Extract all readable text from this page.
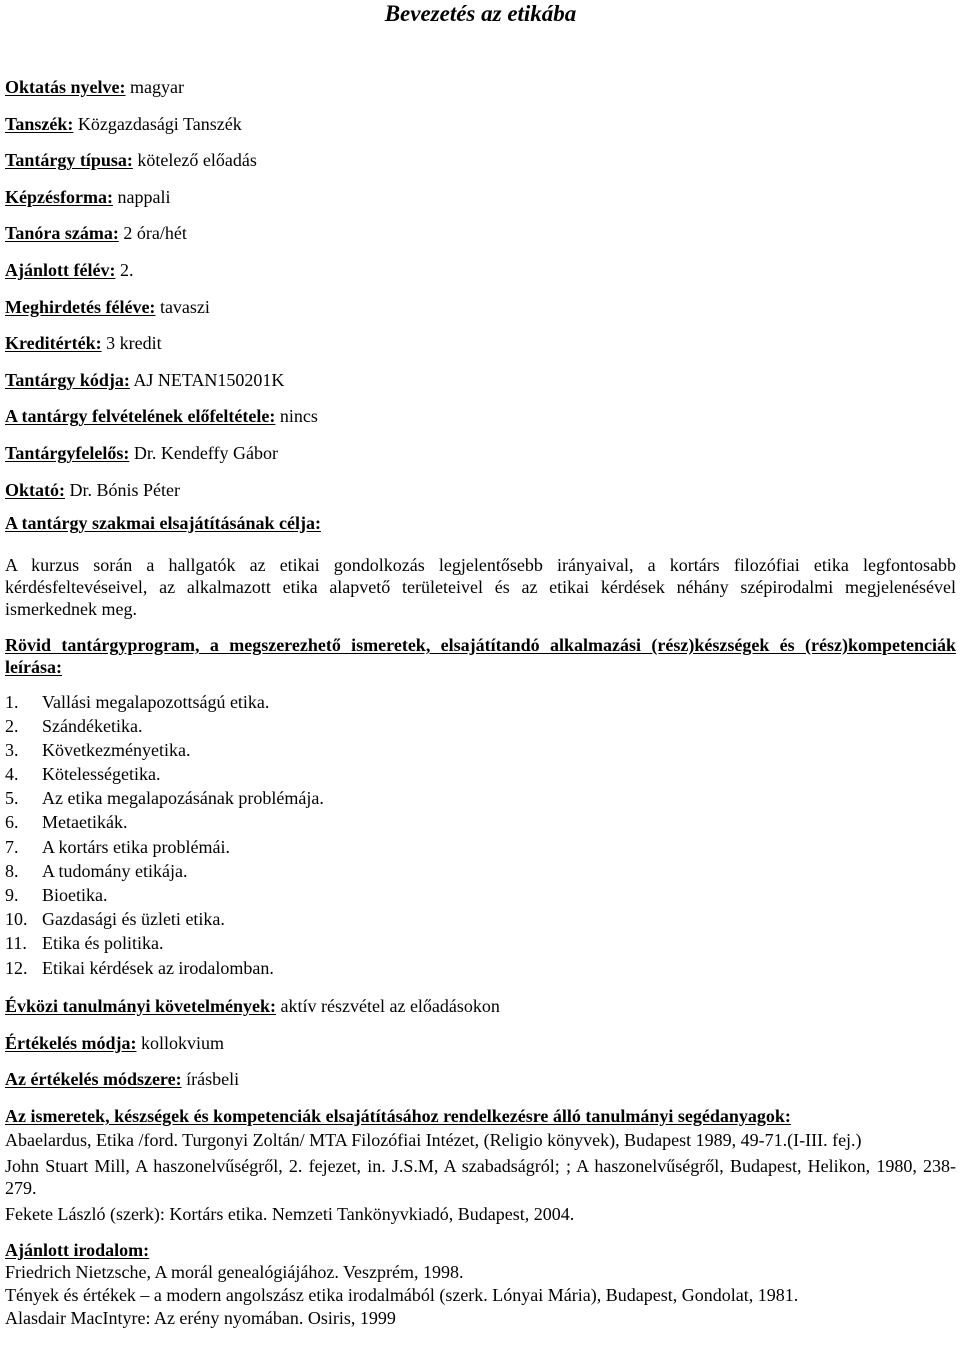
Bevezetés az etikába
Oktatás nyelve: magyar
Tanszék: Közgazdasági Tanszék
Tantárgy típusa: kötelező előadás
Képzésforma: nappali
Tanóra száma: 2 óra/hét
Ajánlott félév: 2.
Meghirdetés féléve: tavaszi
Kreditérték: 3 kredit
Tantárgy kódja: AJ NETAN150201K
A tantárgy felvételének előfeltétele: nincs
Tantárgyfelelős: Dr. Kendeffy Gábor
Oktató: Dr. Bónis Péter
A tantárgy szakmai elsajátításának célja:
A kurzus során a hallgatók az etikai gondolkozás legjelentősebb irányaival, a kortárs filozófiai etika legfontosabb kérdésfeltevéseivel, az alkalmazott etika alapvető területeivel és az etikai kérdések néhány szépirodalmi megjelenésével ismerkednek meg.
Rövid tantárgyprogram, a megszerezhető ismeretek, elsajátítandó alkalmazási (rész)készségek és (rész)kompetenciák leírása:
1. Vallási megalapozottságú etika.
2. Szándéketika.
3. Következményetika.
4. Kötelességetika.
5. Az etika megalapozásának problémája.
6. Metaetikák.
7. A kortárs etika problémái.
8. A tudomány etikája.
9. Bioetika.
10. Gazdasági és üzleti etika.
11. Etika és politika.
12. Etikai kérdések az irodalomban.
Évközi tanulmányi követelmények: aktív részvétel az előadásokon
Értékelés módja: kollokvium
Az értékelés módszere: írásbeli
Az ismeretek, készségek és kompetenciák elsajátításához rendelkezésre álló tanulmányi segédanyagok:
Abaelardus, Etika /ford. Turgonyi Zoltán/ MTA Filozófiai Intézet, (Religio könyvek), Budapest 1989, 49-71.(I-III. fej.)
John Stuart Mill, A haszonelvűségről, 2. fejezet, in. J.S.M, A szabadságról; ; A haszonelvűségről, Budapest, Helikon, 1980, 238-279.
Fekete László (szerk): Kortárs etika. Nemzeti Tankönyvkiadó, Budapest, 2004.
Ajánlott irodalom:
Friedrich Nietzsche, A morál genealógiájához. Veszprém, 1998.
Tények és értékek – a modern angolszász etika irodalmából (szerk. Lónyai Mária), Budapest, Gondolat, 1981.
Alasdair MacIntyre: Az erény nyomában. Osiris, 1999
